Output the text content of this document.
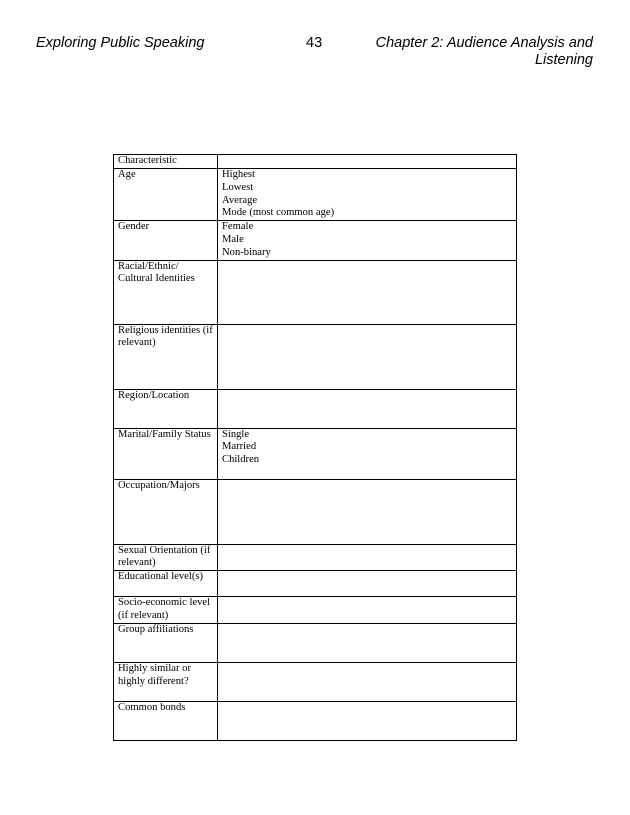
Exploring Public Speaking	43	Chapter 2: Audience Analysis and Listening
Characteristic	
Age	Highest
Lowest
Average
Mode (most common age)

Gender	Female
Male
Non-binary

Racial/Ethnic/ Cultural Identities	
Religious identities (if relevant)	
Region/Location	
Marital/Family Status	Single
Married
Children

Occupation/Majors	
Sexual Orientation (if relevant)	
Educational level(s)	
Socio-economic level (if relevant)	
Group affiliations	
Highly similar or highly different?	
Common bonds	
